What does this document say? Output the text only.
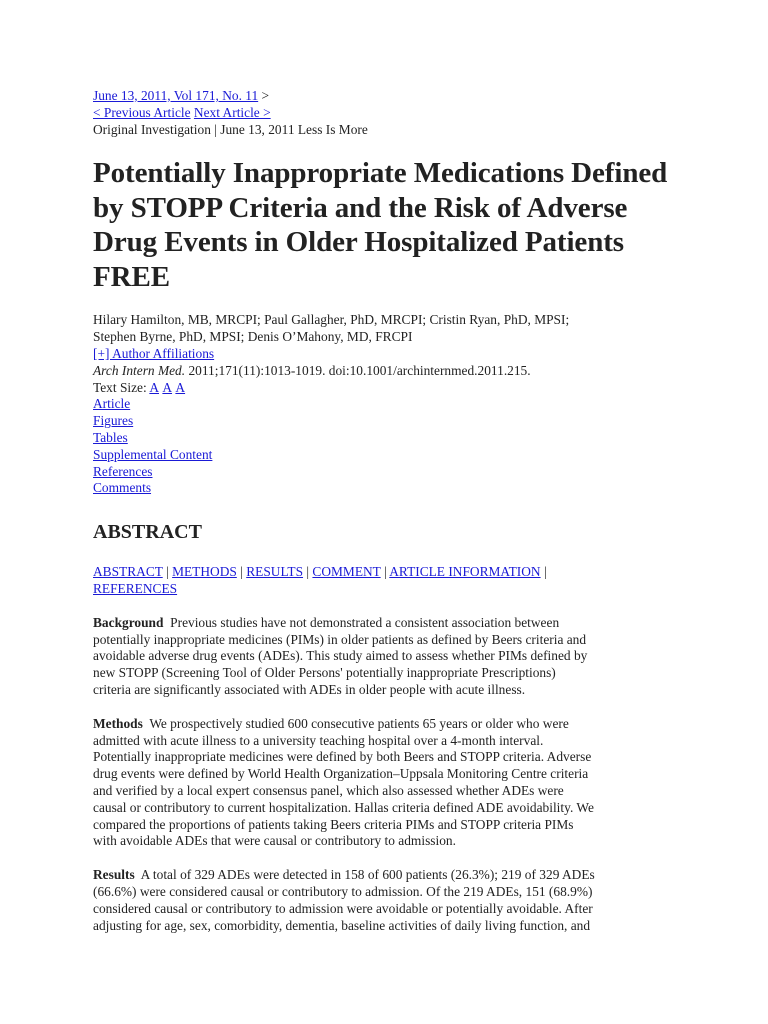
June 13, 2011, Vol 171, No. 11 >
< Previous Article Next Article >
Original Investigation | June 13, 2011 Less Is More
Potentially Inappropriate Medications Defined by STOPP Criteria and the Risk of Adverse Drug Events in Older Hospitalized Patients FREE
Hilary Hamilton, MB, MRCPI; Paul Gallagher, PhD, MRCPI; Cristin Ryan, PhD, MPSI;
Stephen Byrne, PhD, MPSI; Denis O’Mahony, MD, FRCPI
[+] Author Affiliations
Arch Intern Med. 2011;171(11):1013-1019. doi:10.1001/archinternmed.2011.215.
Text Size: A A A
Article
Figures
Tables
Supplemental Content
References
Comments
ABSTRACT
ABSTRACT | METHODS | RESULTS | COMMENT | ARTICLE INFORMATION |
REFERENCES
Background Previous studies have not demonstrated a consistent association between
potentially inappropriate medicines (PIMs) in older patients as defined by Beers criteria and
avoidable adverse drug events (ADEs). This study aimed to assess whether PIMs defined by
new STOPP (Screening Tool of Older Persons' potentially inappropriate Prescriptions)
criteria are significantly associated with ADEs in older people with acute illness.
Methods We prospectively studied 600 consecutive patients 65 years or older who were
admitted with acute illness to a university teaching hospital over a 4-month interval.
Potentially inappropriate medicines were defined by both Beers and STOPP criteria. Adverse
drug events were defined by World Health Organization–Uppsala Monitoring Centre criteria
and verified by a local expert consensus panel, which also assessed whether ADEs were
causal or contributory to current hospitalization. Hallas criteria defined ADE avoidability. We
compared the proportions of patients taking Beers criteria PIMs and STOPP criteria PIMs
with avoidable ADEs that were causal or contributory to admission.
Results A total of 329 ADEs were detected in 158 of 600 patients (26.3%); 219 of 329 ADEs
(66.6%) were considered causal or contributory to admission. Of the 219 ADEs, 151 (68.9%)
considered causal or contributory to admission were avoidable or potentially avoidable. After
adjusting for age, sex, comorbidity, dementia, baseline activities of daily living function, and
